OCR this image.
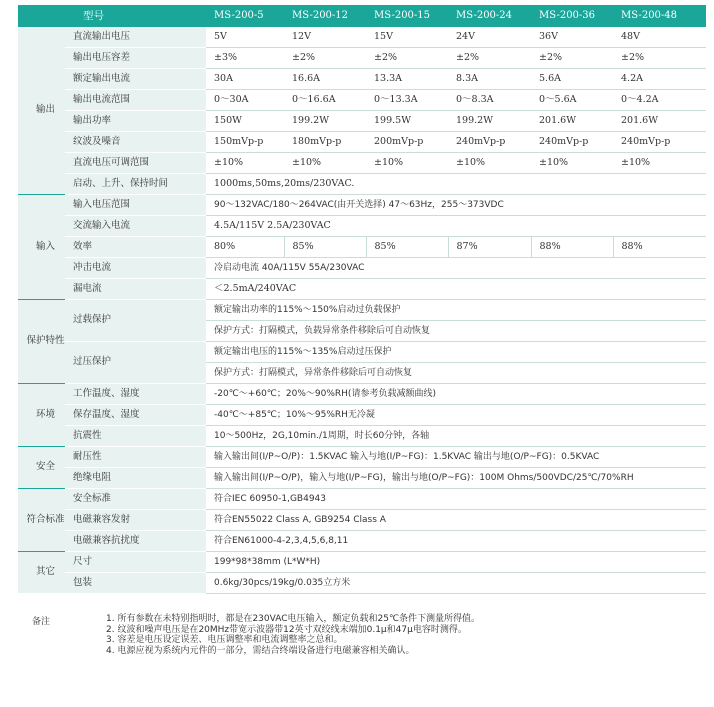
	型号	MS-200-5	MS-200-12	MS-200-15	MS-200-24	MS-200-36	MS-200-48
输出	直流输出电压	5V	12V	15V	24V	36V	48V
	输出电压容差	±3%	±2%	±2%	±2%	±2%	±2%
	额定输出电流	30A	16.6A	13.3A	8.3A	5.6A	4.2A
	输出电流范围	0～30A	0～16.6A	0～13.3A	0～8.3A	0～5.6A	0～4.2A
	输出功率	150W	199.2W	199.5W	199.2W	201.6W	201.6W
	纹波及噪音	150mVp-p	180mVp-p	200mVp-p	240mVp-p	240mVp-p	240mVp-p
	直流电压可调范围	±10%	±10%	±10%	±10%	±10%	±10%
	启动、上升、保持时间	1000ms,50ms,20ms/230VAC.					
输入	输入电压范围	90～132VAC/180～264VAC(由开关选择) 47～63Hz，255～373VDC					
	交流输入电流	4.5A/115V 2.5A/230VAC					
	效率	80%	85%	85%	87%	88%	88%
	冲击电流	冷启动电流 40A/115V 55A/230VAC					
	漏电流	＜2.5mA/240VAC					
保护特性	过载保护	额定输出功率的115%～150%启动过负载保护					
		保护方式：打隔模式，负载异常条件移除后可自动恢复					
	过压保护	额定输出电压的115%～135%启动过压保护					
		保护方式：打隔模式，异常条件移除后可自动恢复					
环境	工作温度、湿度	-20℃～+60℃；20%～90%RH(请参考负载减额曲线)					
	保存温度、湿度	-40℃～+85℃；10%～95%RH无冷凝					
	抗震性	10～500Hz，2G,10min./1周期，时长60分钟，各轴					
安全	耐压性	输入输出间(I/P~O/P)：1.5KVAC 输入与地(I/P~FG)：1.5KVAC 输出与地(O/P~FG)：0.5KVAC					
	绝缘电阻	输入输出间(I/P~O/P)，输入与地(I/P~FG)，输出与地(O/P~FG)：100M Ohms/500VDC/25℃/70%RH					
符合标准	安全标准	符合IEC 60950-1,GB4943					
	电磁兼容发射	符合EN55022 Class A, GB9254 Class A					
	电磁兼容抗扰度	符合EN61000-4-2,3,4,5,6,8,11					
其它	尺寸	199*98*38mm (L*W*H)					
	包装	0.6kg/30pcs/19kg/0.035立方米					
备注	1. 所有参数在未特别指明时，都是在230VAC电压输入，额定负载和25℃条件下测量所得值。
2. 纹波和噪声电压是在20MHz带宽示波器带12英寸双绞线末端加0.1μ和47μ电容时测得。
3. 容差是电压设定误差、电压调整率和电流调整率之总和。
4. 电源应视为系统内元件的一部分，需结合终端设备进行电磁兼容相关确认。
